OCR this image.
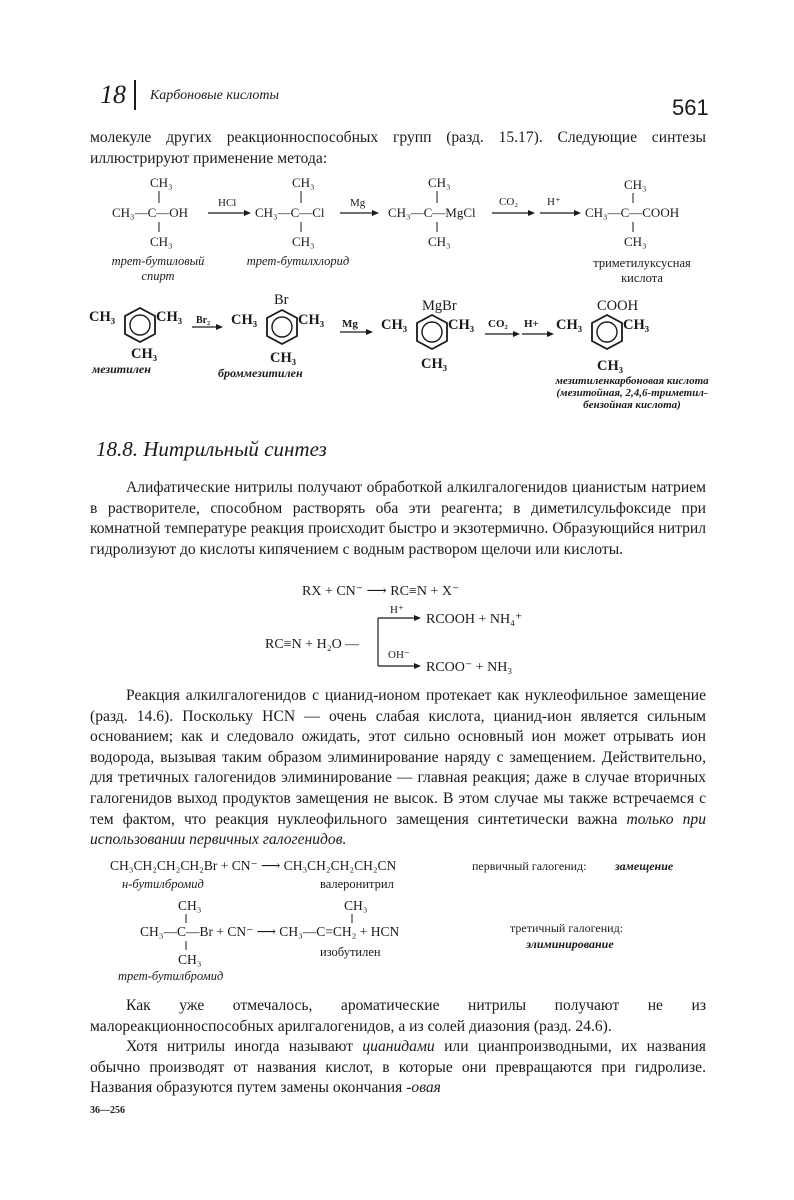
18 Карбоновые кислоты	561

молекуле других реакционноспособных групп (разд. 15.17). Следующие синтезы иллюстрируют применение метода:

CH₃
CH₃—C—OH
CH₃
HCl
CH₃
CH₃—C—Cl
CH₃
Mg
CH₃
CH₃—C—MgCl
CH₃
CO₂	H⁺
CH₃
CH₃—C—COOH
CH₃
трет-бутиловый спирт
трет-бутилхлорид	триметилуксусная кислота
CH₃	CH₃
CH₃
Br₂
Br
CH₃	CH₃
CH₃
Mg
MgBr
CH₃	CH₃
CH₃
CO₂ H+
COOH
CH₃	CH₃
CH₃
мезитилен	броммезитилен
мезитиленкарбоновая кислота (мезитойная, 2,4,6-триметил-бензойная кислота)
18.8. Нитрильный синтез

Алифатические нитрилы получают обработкой алкилгалогенидов цианистым натрием в растворителе, способном растворять оба эти реагента; в диметилсульфоксиде при комнатной температуре реакция происходит быстро и экзотермично. Образующийся нитрил гидролизуют до кислоты кипячением с водным раствором щелочи или кислоты.

RX + CN⁻ ⟶ RC≡N + X⁻
RC≡N + H₂O —
H⁺
OH⁻
RCOOH + NH₄⁺
RCOO⁻ + NH₃

Реакция алкилгалогенидов с цианид-ионом протекает как нуклеофильное замещение (разд. 14.6). Поскольку HCN — очень слабая кислота, цианид-ион является сильным основанием; как и следовало ожидать, этот сильно основный ион может отрывать ион водорода, вызывая таким образом элиминирование наряду с замещением. Действительно, для третичных галогенидов элиминирование — главная реакция; даже в случае вторичных галогенидов выход продуктов замещения не высок. В этом случае мы также встречаемся с тем фактом, что реакция нуклеофильного замещения синтетически важна только при использовании первичных галогенидов.

CH₃CH₂CH₂CH₂Br + CN⁻ ⟶ CH₃CH₂CH₂CH₂CN
н-бутилбромид	валеронитрил
первичный галогенид: замещение
CH₃	CH₃
CH₃—C—Br + CN⁻ ⟶ CH₃—C=CH₂ + HCN
CH₃	изобутилен
трет-бутилбромид
третичный галогенид:
элиминирование

Как уже отмечалось, ароматические нитрилы получают не из малореакционноспособных арилгалогенидов, а из солей диазония (разд. 24.6).

Хотя нитрилы иногда называют цианидами или цианпроизводными, их названия обычно производят от названия кислот, в которые они превращаются при гидролизе. Названия образуются путем замены окончания -овая

36—256
